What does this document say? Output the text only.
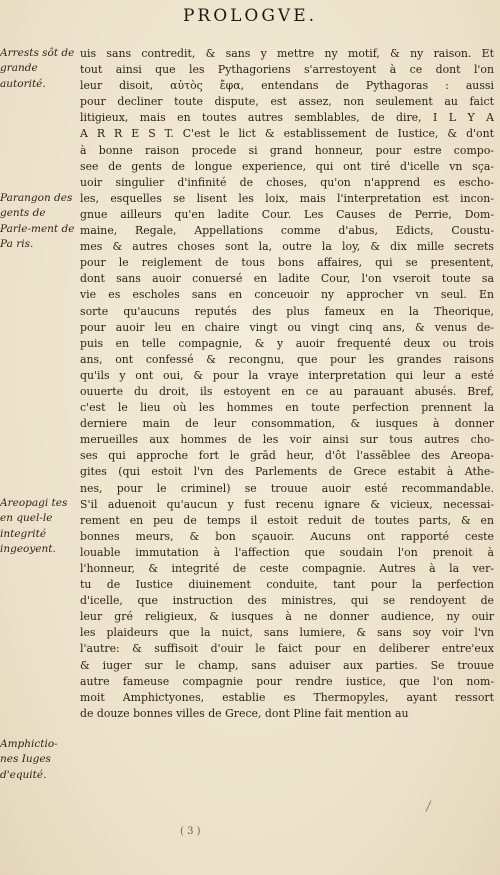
PROLOGVE.
Arrests sôt de grande autorité.
Parangon des gents de Parle-ment de Pa ris.
Areopagi tes en quel-le integrité ingeoyent.
Amphictio-nes Iuges d'equité.
uis sans contredit, & sans y mettre ny motif, & ny raison. Et
tout ainsi que les Pythagoriens s'arrestoyent à ce dont l'on
leur disoit, αὐτὸς ἔφα, entendans de Pythagoras : aussi
pour decliner toute dispute, est assez, non seulement au faict
litigieux, mais en toutes autres semblables, de dire, I L Y A
A R R E S T. C'est le lict & establissement de Iustice, & d'ont
à bonne raison procede si grand honneur, pour estre compo-
see de gents de longue experience, qui ont tiré d'icelle vn sça-
uoir singulier d'infinité de choses, qu'on n'apprend es escho-
les, esquelles se lisent les loix, mais l'interpretation est incon-
gnue ailleurs qu'en ladite Cour. Les Causes de Perrie, Dom-
maine, Regale, Appellations comme d'abus, Edicts, Coustu-
mes & autres choses sont la, outre la loy, & dix mille secrets
pour le reiglement de tous bons affaires, qui se presentent,
dont sans auoir conuersé en ladite Cour, l'on vseroit toute sa
vie es escholes sans en conceuoir ny approcher vn seul. En
sorte qu'aucuns reputés des plus fameux en la Theorique,
pour auoir leu en chaire vingt ou vingt cinq ans, & venus de-
puis en telle compagnie, & y auoir frequenté deux ou trois
ans, ont confessé & recongnu, que pour les grandes raisons
qu'ils y ont oui, & pour la vraye interpretation qui leur a esté
ouuerte du droit, ils estoyent en ce au parauant abusés. Bref,
c'est le lieu où les hommes en toute perfection prennent la
derniere main de leur consommation, & iusques à donner
merueilles aux hommes de les voir ainsi sur tous autres cho-
ses qui approche fort le grād heur, d'ôt l'assēblee des Areopa-
gites (qui estoit l'vn des Parlements de Grece estabit à Athe-
nes, pour le criminel) se trouue auoir esté recommandable.
S'il aduenoit qu'aucun y fust recenu ignare & vicieux, necessai-
rement en peu de temps il estoit reduit de toutes parts, & en
bonnes meurs, & bon sçauoir. Aucuns ont rapporté ceste
louable immutation à l'affection que soudain l'on prenoit à
l'honneur, & integrité de ceste compagnie. Autres à la ver-
tu de Iustice diuinement conduite, tant pour la perfection
d'icelle, que instruction des ministres, qui se rendoyent de
leur gré religieux, & iusques à ne donner audience, ny ouir
les plaideurs que la nuict, sans lumiere, & sans soy voir l'vn
l'autre: & suffisoit d'ouir le faict pour en deliberer entre'eux
& iuger sur le champ, sans aduiser aux parties. Se trouue
autre fameuse compagnie pour rendre iustice, que l'on nom-
moit Amphictyones, establie es Thermopyles, ayant ressort
de douze bonnes villes de Grece, dont Pline fait mention au
( 3 )
